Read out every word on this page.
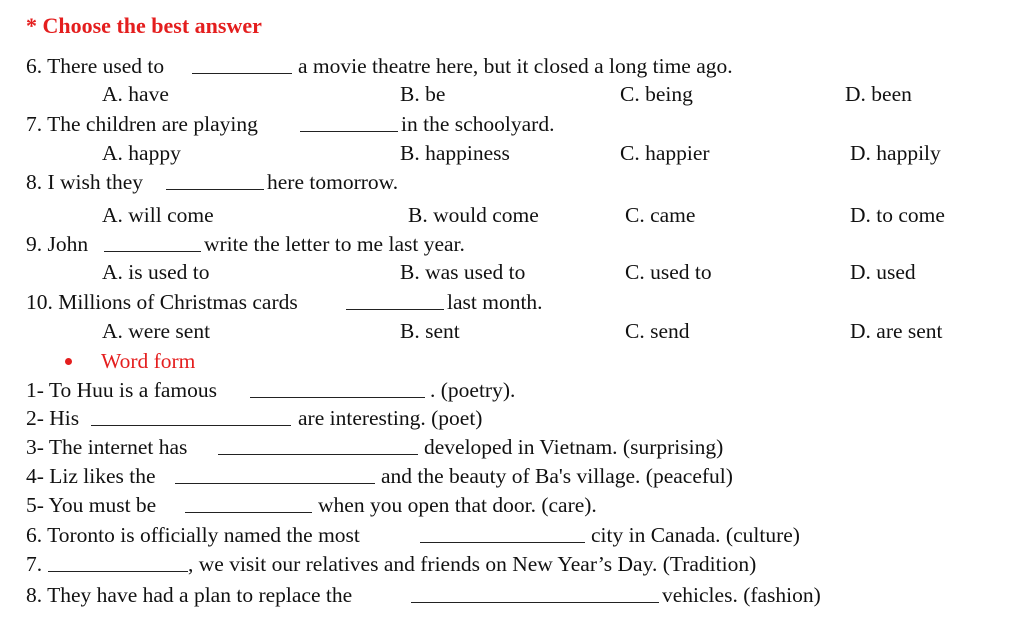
* Choose the best answer
6. There used to	a movie theatre here, but it closed a long time ago.
A. have	B. be	C. being	D. been
7. The children are playing	in the schoolyard.
A. happy	B. happiness	C. happier	D. happily
8. I wish they	here tomorrow.
A. will come	B. would come	C. came	D. to come
9. John	write the letter to me last year.
A. is used to	B. was used to	C. used to	D. used
10. Millions of Christmas cards	last month.
A. were sent	B. sent	C. send	D. are sent
Word form
1- To Huu is a famous	. (poetry).
2- His	are interesting. (poet)
3- The internet has	developed in Vietnam. (surprising)
4- Liz likes the	and the beauty of Ba's village. (peaceful)
5- You must be	when you open that door. (care).
6. Toronto is officially named the most	city in Canada. (culture)
7.	, we visit our relatives and friends on New Year’s Day. (Tradition)
8. They have had a plan to replace the	vehicles. (fashion)
